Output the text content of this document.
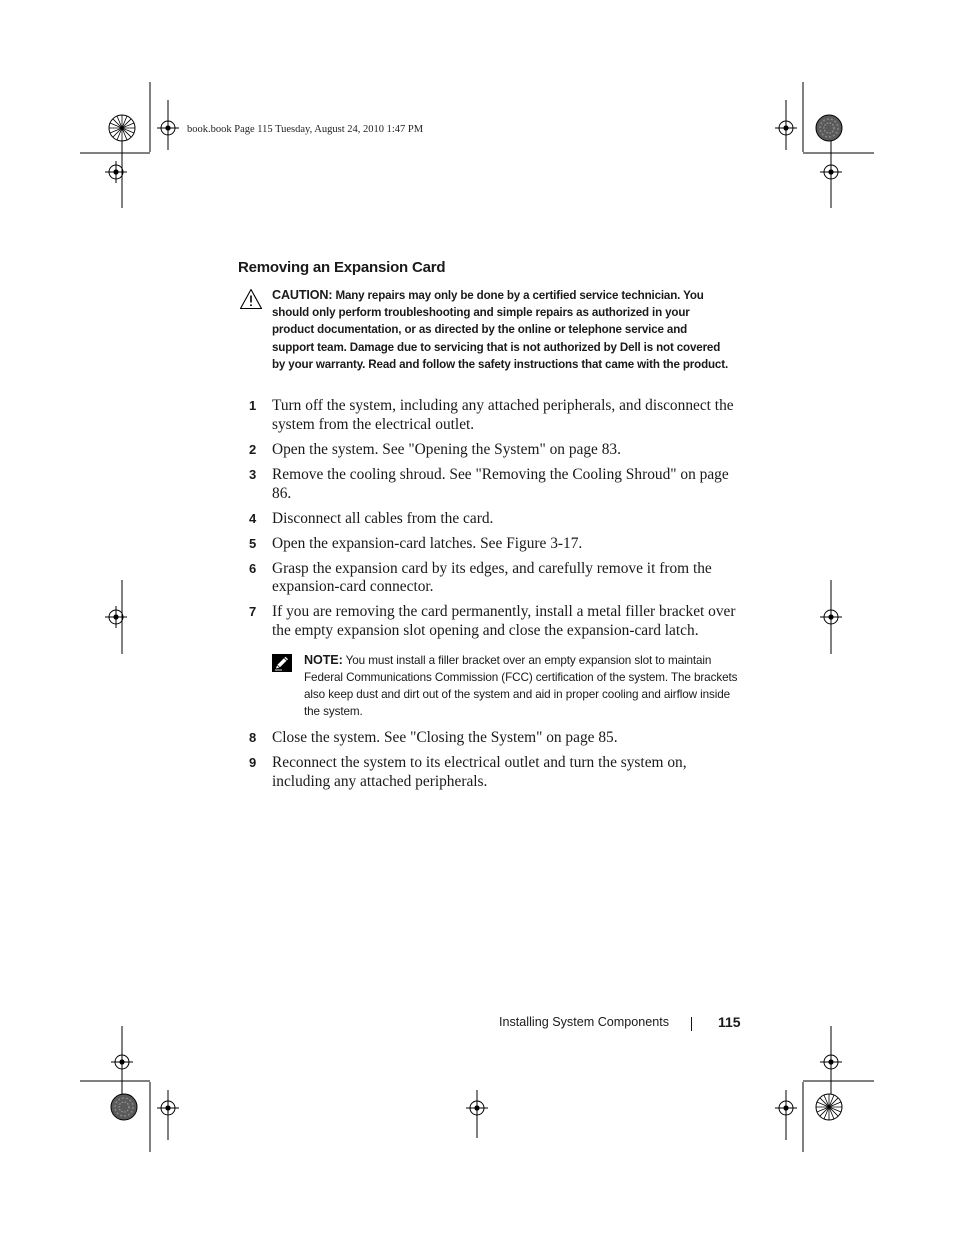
book.book Page 115 Tuesday, August 24, 2010 1:47 PM
Removing an Expansion Card
CAUTION: Many repairs may only be done by a certified service technician. You should only perform troubleshooting and simple repairs as authorized in your product documentation, or as directed by the online or telephone service and support team. Damage due to servicing that is not authorized by Dell is not covered by your warranty. Read and follow the safety instructions that came with the product.
1 Turn off the system, including any attached peripherals, and disconnect the system from the electrical outlet.
2 Open the system. See "Opening the System" on page 83.
3 Remove the cooling shroud. See "Removing the Cooling Shroud" on page 86.
4 Disconnect all cables from the card.
5 Open the expansion-card latches. See Figure 3-17.
6 Grasp the expansion card by its edges, and carefully remove it from the expansion-card connector.
7 If you are removing the card permanently, install a metal filler bracket over the empty expansion slot opening and close the expansion-card latch.
NOTE: You must install a filler bracket over an empty expansion slot to maintain Federal Communications Commission (FCC) certification of the system. The brackets also keep dust and dirt out of the system and aid in proper cooling and airflow inside the system.
8 Close the system. See "Closing the System" on page 85.
9 Reconnect the system to its electrical outlet and turn the system on, including any attached peripherals.
Installing System Components	115
